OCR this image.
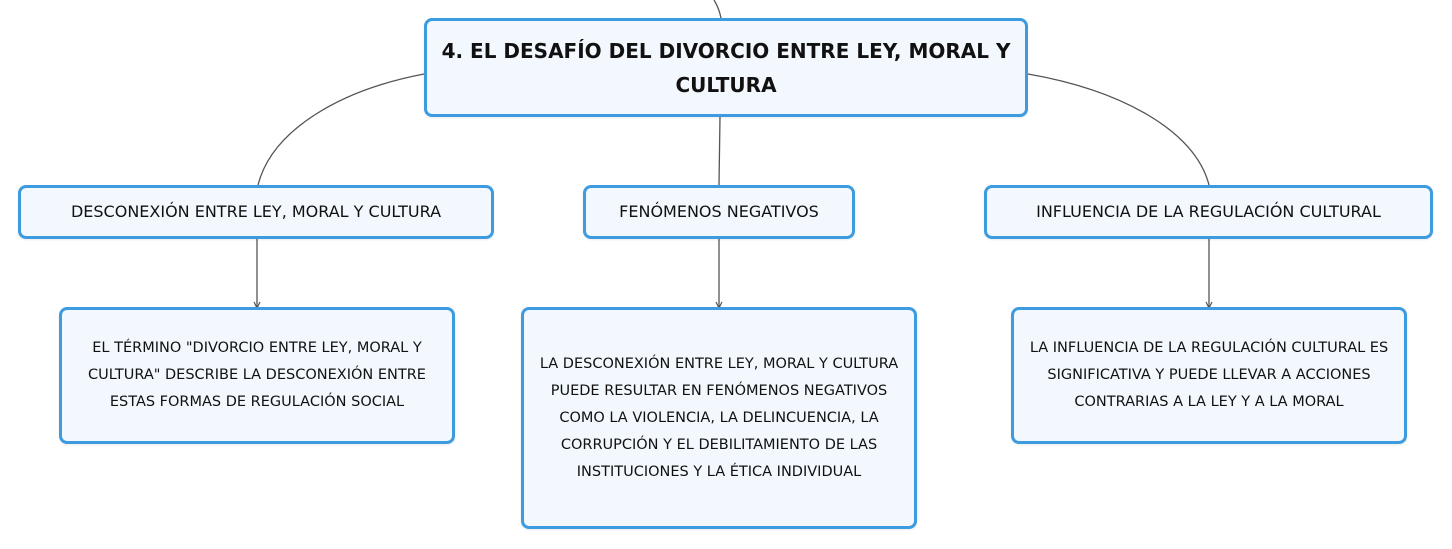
4. EL DESAFÍO DEL DIVORCIO ENTRE LEY, MORAL Y CULTURA
DESCONEXIÓN ENTRE LEY, MORAL Y CULTURA	FENÓMENOS NEGATIVOS	INFLUENCIA DE LA REGULACIÓN CULTURAL
EL TÉRMINO "DIVORCIO ENTRE LEY, MORAL Y CULTURA" DESCRIBE LA DESCONEXIÓN ENTRE ESTAS FORMAS DE REGULACIÓN SOCIAL
LA DESCONEXIÓN ENTRE LEY, MORAL Y CULTURA PUEDE RESULTAR EN FENÓMENOS NEGATIVOS COMO LA VIOLENCIA, LA DELINCUENCIA, LA CORRUPCIÓN Y EL DEBILITAMIENTO DE LAS INSTITUCIONES Y LA ÉTICA INDIVIDUAL
LA INFLUENCIA DE LA REGULACIÓN CULTURAL ES SIGNIFICATIVA Y PUEDE LLEVAR A ACCIONES CONTRARIAS A LA LEY Y A LA MORAL
